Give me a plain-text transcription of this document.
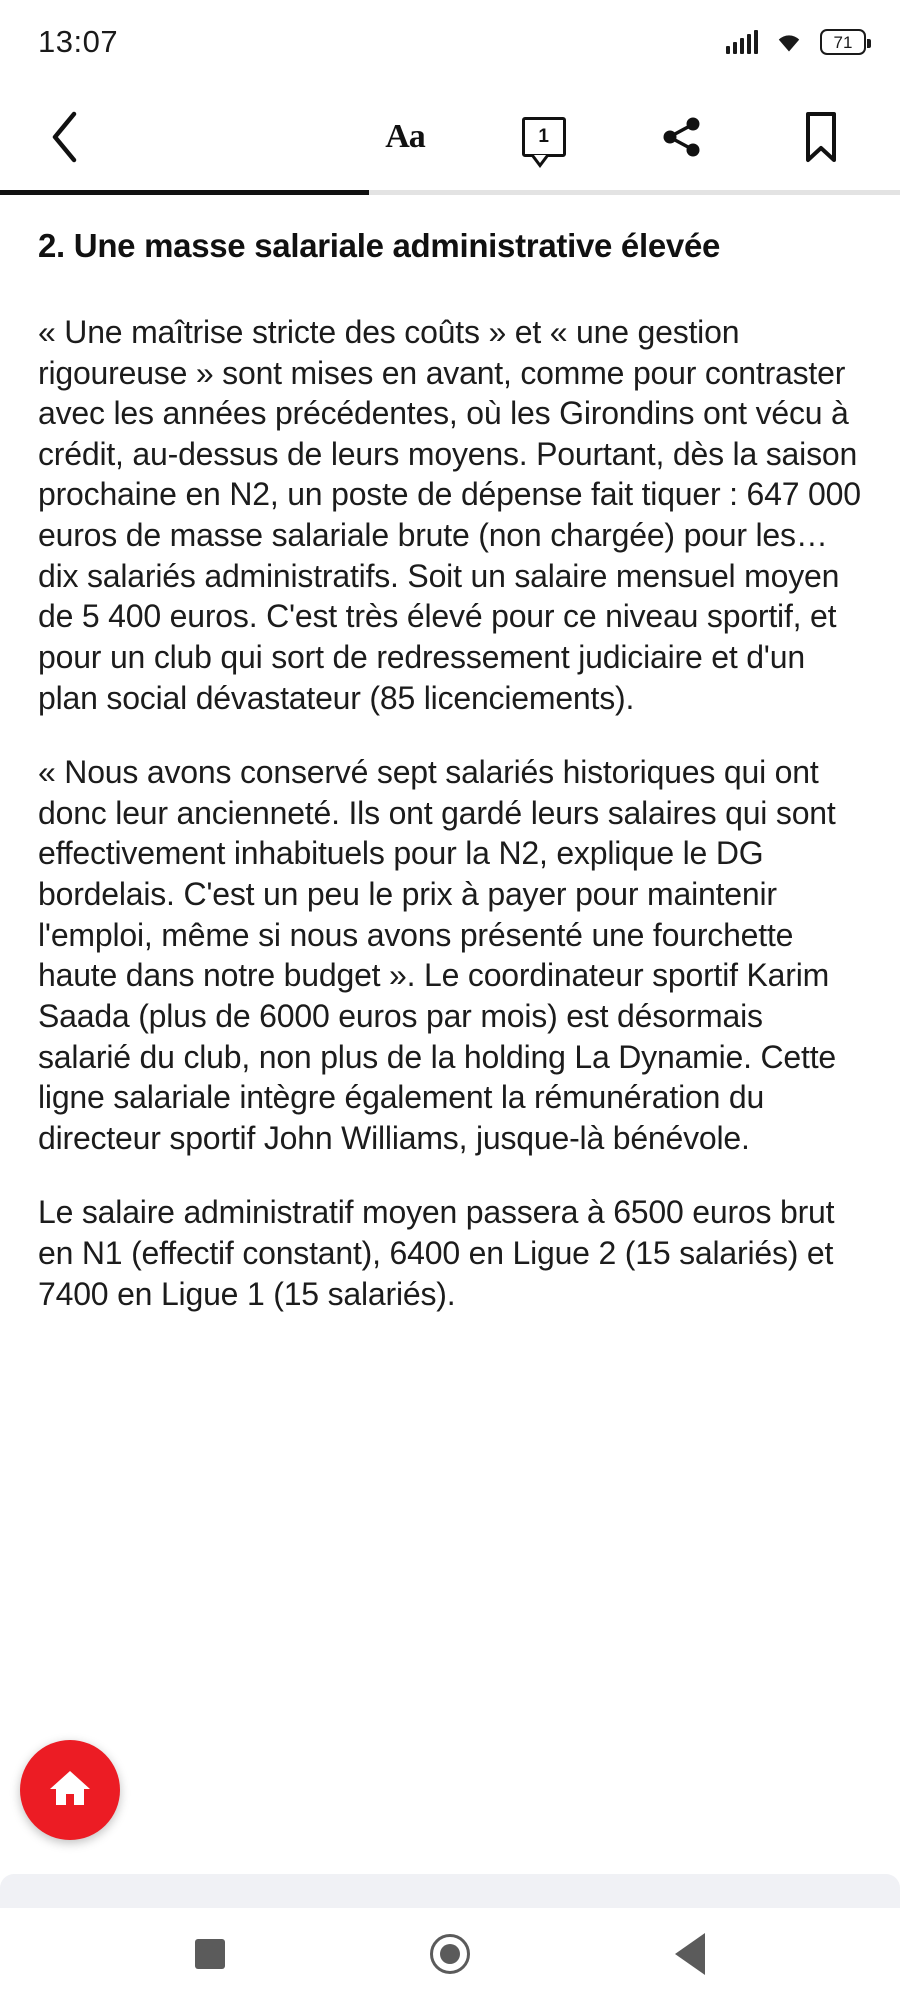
13:07	71
Aa	1
2. Une masse salariale administrative élevée

« Une maîtrise stricte des coûts » et « une gestion rigoureuse » sont mises en avant, comme pour contraster avec les années précédentes, où les Girondins ont vécu à crédit, au-dessus de leurs moyens. Pourtant, dès la saison prochaine en N2, un poste de dépense fait tiquer : 647 000 euros de masse salariale brute (non chargée) pour les… dix salariés administratifs. Soit un salaire mensuel moyen de 5 400 euros. C'est très élevé pour ce niveau sportif, et pour un club qui sort de redressement judiciaire et d'un plan social dévastateur (85 licenciements).

« Nous avons conservé sept salariés historiques qui ont donc leur ancienneté. Ils ont gardé leurs salaires qui sont effectivement inhabituels pour la N2, explique le DG bordelais. C'est un peu le prix à payer pour maintenir l'emploi, même si nous avons présenté une fourchette haute dans notre budget ». Le coordinateur sportif Karim Saada (plus de 6000 euros par mois) est désormais salarié du club, non plus de la holding La Dynamie. Cette ligne salariale intègre également la rémunération du directeur sportif John Williams, jusque-là bénévole.

Le salaire administratif moyen passera à 6500 euros brut en N1 (effectif constant), 6400 en Ligue 2 (15 salariés) et 7400 en Ligue 1 (15 salariés).
